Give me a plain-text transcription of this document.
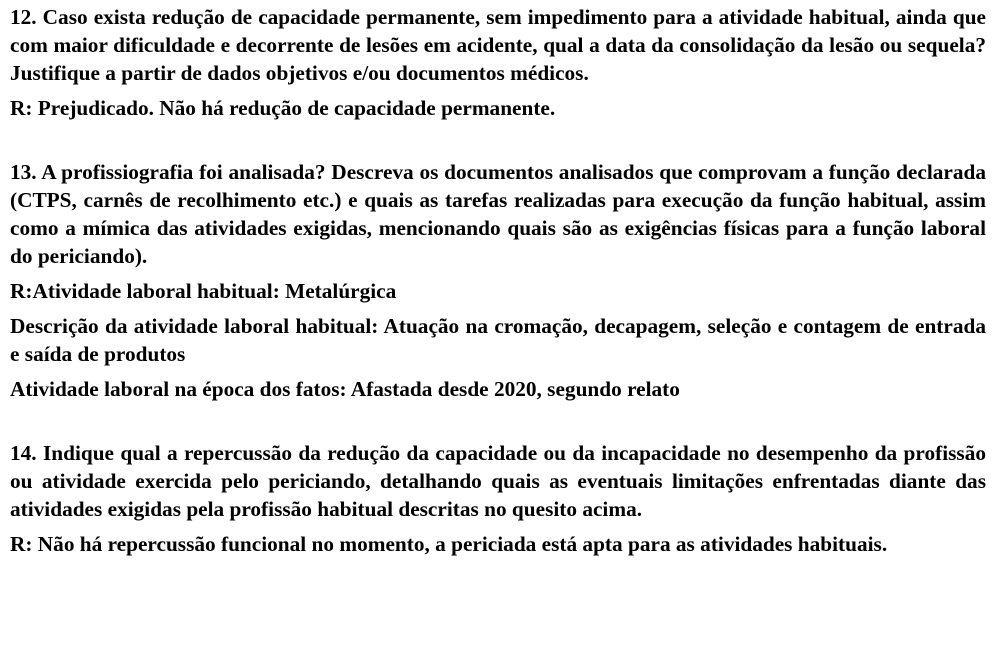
12. Caso exista redução de capacidade permanente, sem impedimento para a atividade habitual, ainda que com maior dificuldade e decorrente de lesões em acidente, qual a data da consolidação da lesão ou sequela? Justifique a partir de dados objetivos e/ou documentos médicos.

R: Prejudicado. Não há redução de capacidade permanente.

13. A profissiografia foi analisada? Descreva os documentos analisados que comprovam a função declarada (CTPS, carnês de recolhimento etc.) e quais as tarefas realizadas para execução da função habitual, assim como a mímica das atividades exigidas, mencionando quais são as exigências físicas para a função laboral do periciando).

R:Atividade laboral habitual: Metalúrgica

Descrição da atividade laboral habitual: Atuação na cromação, decapagem, seleção e contagem de entrada e saída de produtos

Atividade laboral na época dos fatos: Afastada desde 2020, segundo relato

14. Indique qual a repercussão da redução da capacidade ou da incapacidade no desempenho da profissão ou atividade exercida pelo periciando, detalhando quais as eventuais limitações enfrentadas diante das atividades exigidas pela profissão habitual descritas no quesito acima.

R: Não há repercussão funcional no momento, a periciada está apta para as atividades habituais.
